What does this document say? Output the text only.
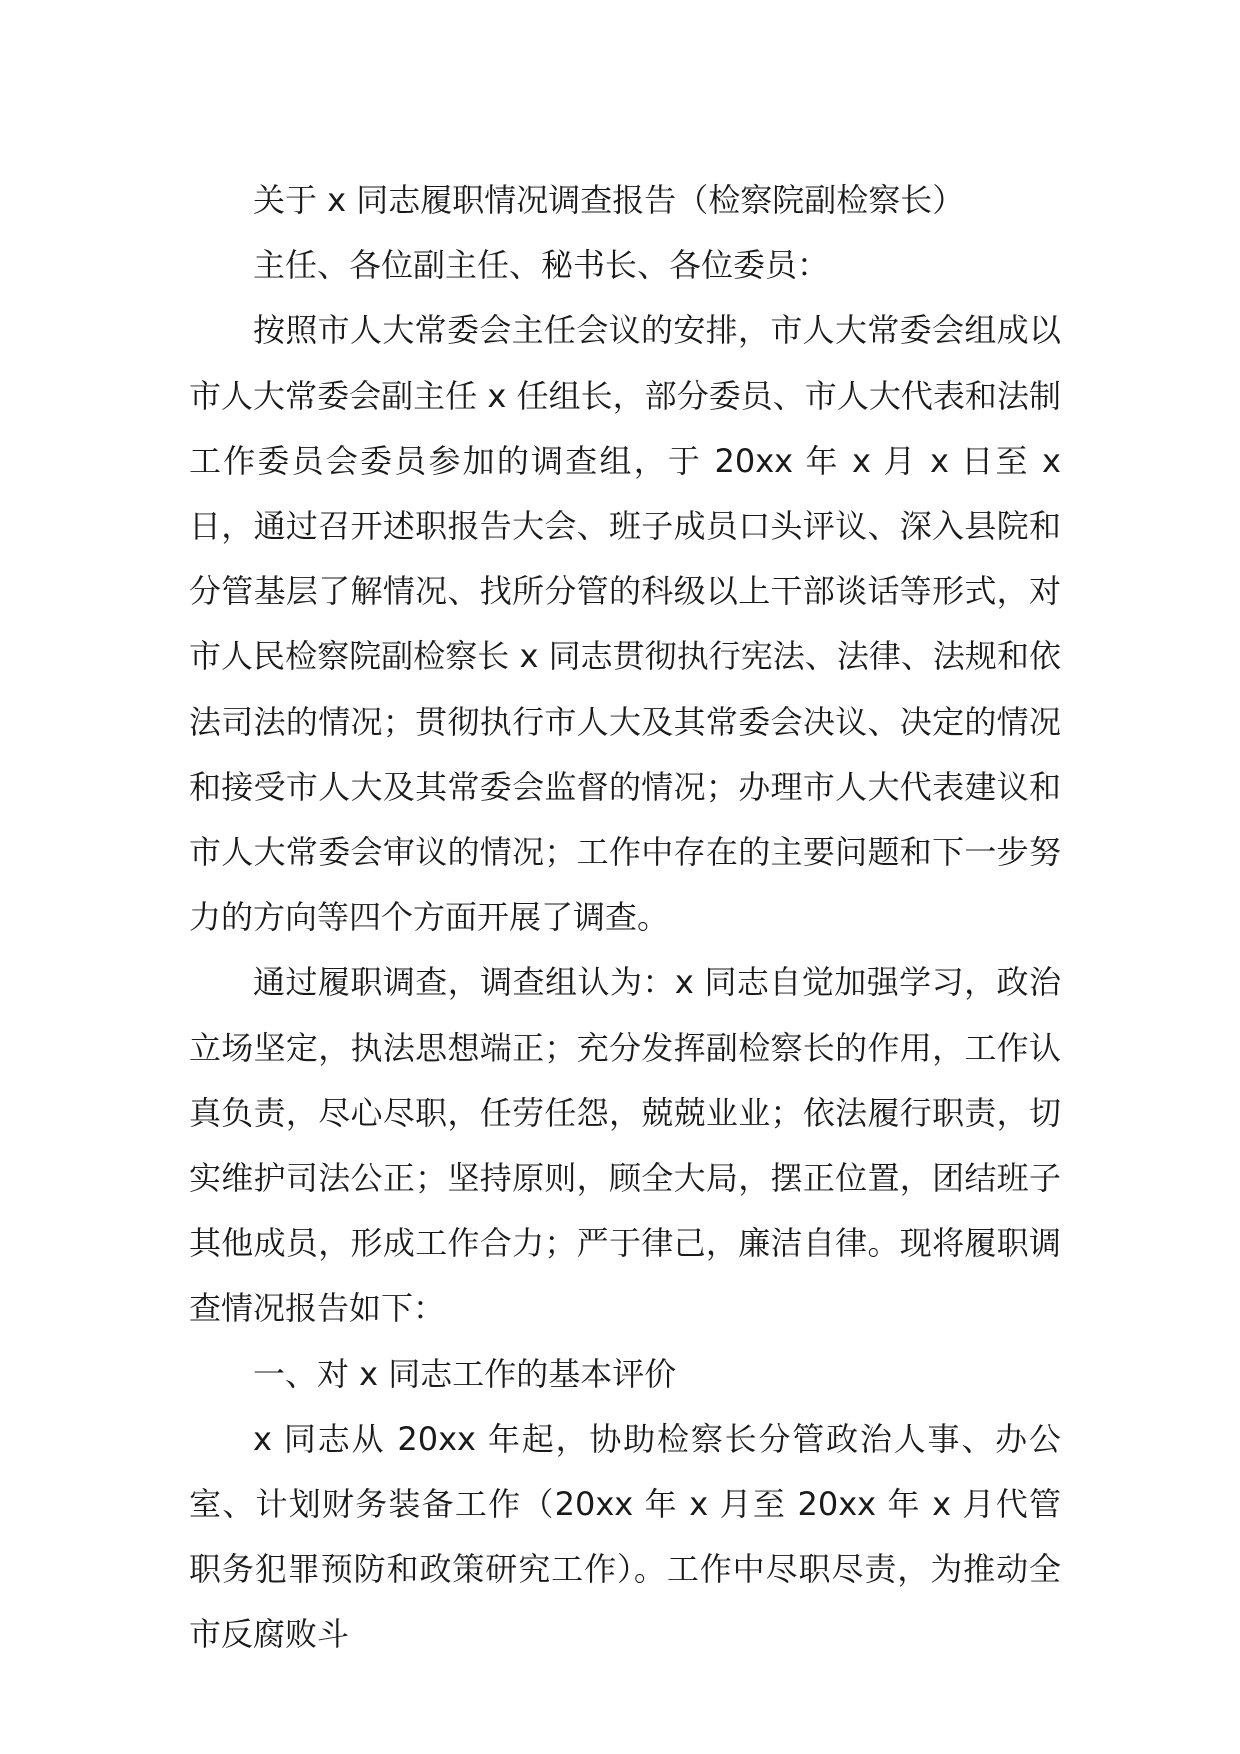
关于 x 同志履职情况调查报告（检察院副检察长）

主任、各位副主任、秘书长、各位委员：

按照市人大常委会主任会议的安排，市人大常委会组成以市人大常委会副主任 x 任组长，部分委员、市人大代表和法制工作委员会委员参加的调查组，于 20xx 年 x 月 x 日至 x 日，通过召开述职报告大会、班子成员口头评议、深入县院和分管基层了解情况、找所分管的科级以上干部谈话等形式，对市人民检察院副检察长 x 同志贯彻执行宪法、法律、法规和依法司法的情况；贯彻执行市人大及其常委会决议、决定的情况和接受市人大及其常委会监督的情况；办理市人大代表建议和市人大常委会审议的情况；工作中存在的主要问题和下一步努力的方向等四个方面开展了调查。

通过履职调查，调查组认为：x 同志自觉加强学习，政治立场坚定，执法思想端正；充分发挥副检察长的作用，工作认真负责，尽心尽职，任劳任怨，兢兢业业；依法履行职责，切实维护司法公正；坚持原则，顾全大局，摆正位置，团结班子其他成员，形成工作合力；严于律己，廉洁自律。现将履职调查情况报告如下：

一、对 x 同志工作的基本评价

x 同志从 20xx 年起，协助检察长分管政治人事、办公室、计划财务装备工作（20xx 年 x 月至 20xx 年 x 月代管职务犯罪预防和政策研究工作）。工作中尽职尽责，为推动全市反腐败斗
